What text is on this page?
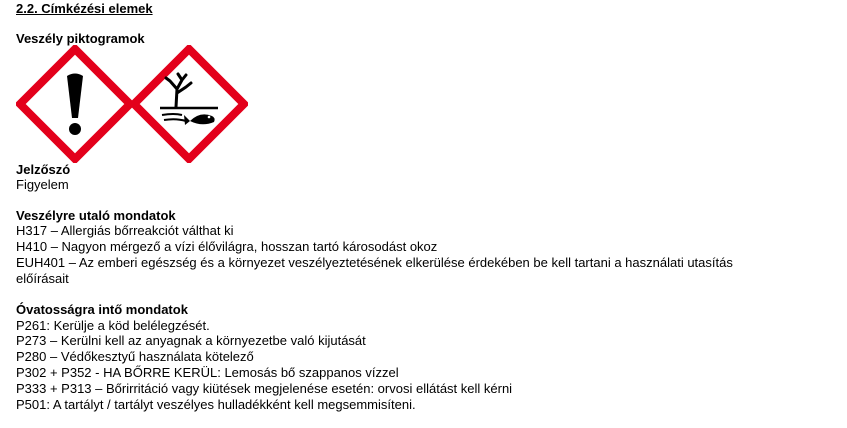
2.2. Címkézési elemek
Veszély piktogramok
Jelzőszó
Figyelem
Veszélyre utaló mondatok
H317 – Allergiás bőrreakciót válthat ki
H410 – Nagyon mérgező a vízi élővilágra, hosszan tartó károsodást okoz
EUH401 – Az emberi egészség és a környezet veszélyeztetésének elkerülése érdekében be kell tartani a használati utasítás
előírásait
Óvatosságra intő mondatok
P261: Kerülje a köd belélegzését.
P273 – Kerülni kell az anyagnak a környezetbe való kijutását
P280 – Védőkesztyű használata kötelező
P302 + P352 - HA BŐRRE KERÜL: Lemosás bő szappanos vízzel
P333 + P313 – Bőrirritáció vagy kiütések megjelenése esetén: orvosi ellátást kell kérni
P501: A tartályt / tartályt veszélyes hulladékként kell megsemmisíteni.
